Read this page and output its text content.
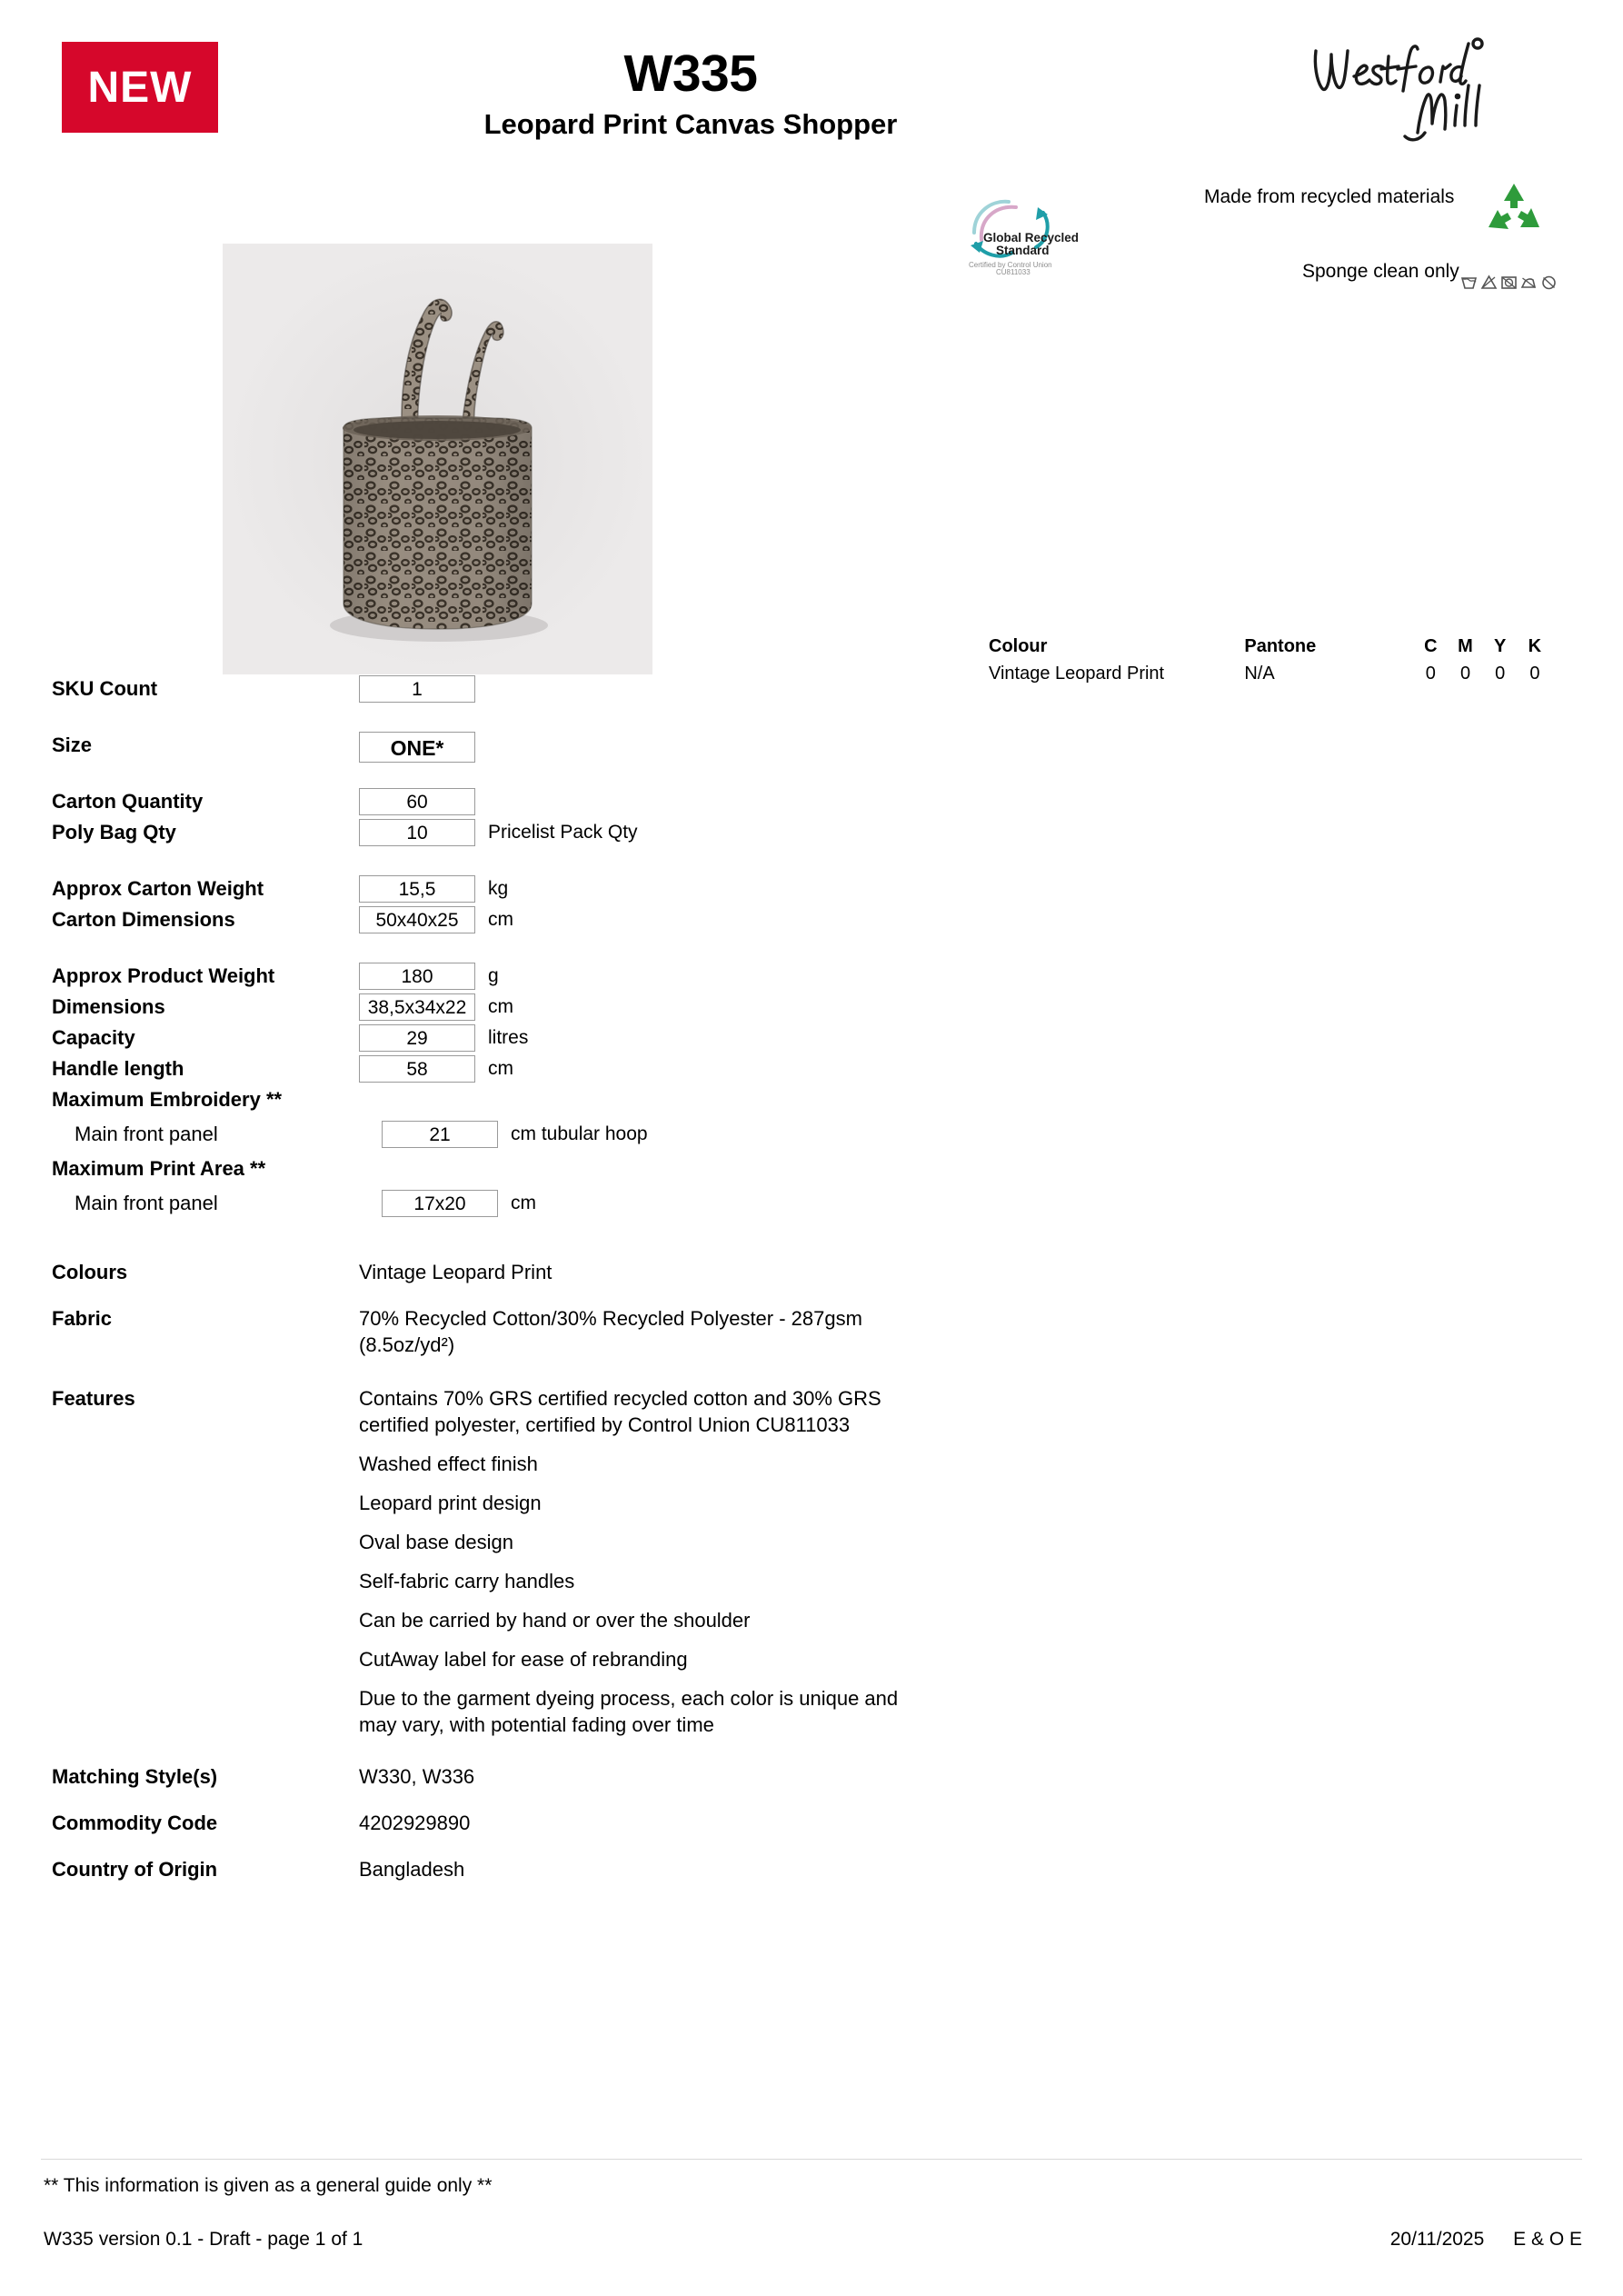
NEW	W335
Leopard Print Canvas Shopper
Global Recycled
Standard
Certified by Control Union
CU811033
Made from recycled materials
Sponge clean only
Colour	Pantone	C	M	Y	K
Vintage Leopard Print	N/A	0	0	0	0
SKU Count	1
Size	ONE*
Carton Quantity	60
Poly Bag Qty	10	Pricelist Pack Qty
Approx Carton Weight	15,5	kg
Carton Dimensions	50x40x25	cm
Approx Product Weight	180	g
Dimensions	38,5x34x22	cm
Capacity	29	litres
Handle length	58	cm
Maximum Embroidery **
Main front panel	21	cm tubular hoop
Maximum Print Area **
Main front panel	17x20	cm
Colours	Vintage Leopard Print
Fabric	70% Recycled Cotton/30% Recycled Polyester - 287gsm (8.5oz/yd²)
Features	Contains 70% GRS certified recycled cotton and 30% GRS certified polyester, certified by Control Union CU811033

Washed effect finish

Leopard print design

Oval base design

Self-fabric carry handles

Can be carried by hand or over the shoulder

CutAway label for ease of rebranding

Due to the garment dyeing process, each color is unique and may vary, with potential fading over time

Matching Style(s)	W330, W336
Commodity Code	4202929890
Country of Origin	Bangladesh
** This information is given as a general guide only **
W335 version 0.1 - Draft - page 1 of 1	20/11/2025 E & O E
